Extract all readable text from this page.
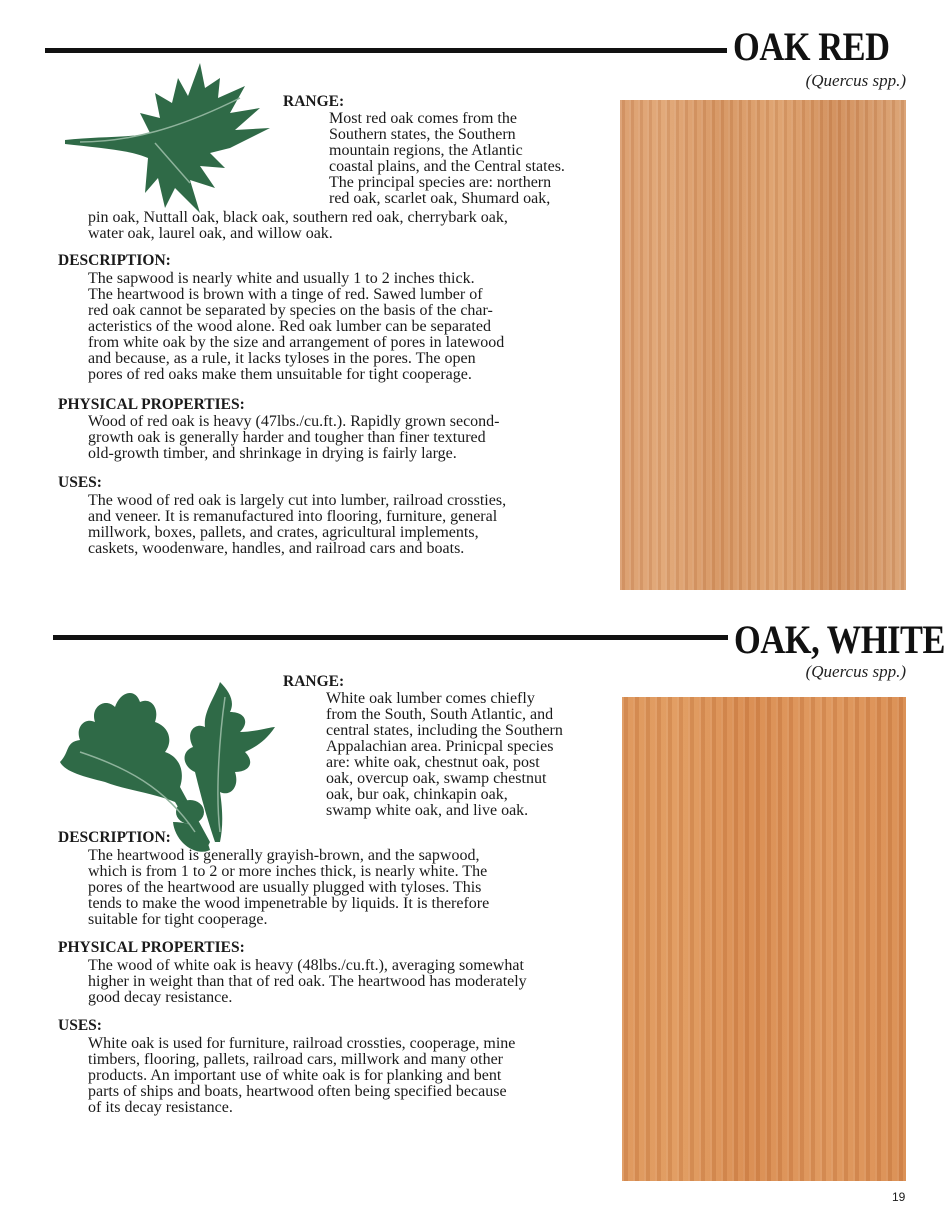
OAK RED
(Quercus spp.)
RANGE:
Most red oak comes from the
Southern states, the Southern
mountain regions, the Atlantic
coastal plains, and the Central states.
The principal species are: northern
red oak, scarlet oak, Shumard oak,
pin oak, Nuttall oak, black oak, southern red oak, cherrybark oak,
water oak, laurel oak, and willow oak.
DESCRIPTION:
The sapwood is nearly white and usually 1 to 2 inches thick.
The heartwood is brown with a tinge of red. Sawed lumber of
red oak cannot be separated by species on the basis of the char-
acteristics of the wood alone. Red oak lumber can be separated
from white oak by the size and arrangement of pores in latewood
and because, as a rule, it lacks tyloses in the pores. The open
pores of red oaks make them unsuitable for tight cooperage.
PHYSICAL PROPERTIES:
Wood of red oak is heavy (47lbs./cu.ft.). Rapidly grown second-
growth oak is generally harder and tougher than finer textured
old-growth timber, and shrinkage in drying is fairly large.
USES:
The wood of red oak is largely cut into lumber, railroad crossties,
and veneer. It is remanufactured into flooring, furniture, general
millwork, boxes, pallets, and crates, agricultural implements,
caskets, woodenware, handles, and railroad cars and boats.
OAK, WHITE
(Quercus spp.)
RANGE:
White oak lumber comes chiefly
from the South, South Atlantic, and
central states, including the Southern
Appalachian area. Prinicpal species
are: white oak, chestnut oak, post
oak, overcup oak, swamp chestnut
oak, bur oak, chinkapin oak,
swamp white oak, and live oak.
DESCRIPTION:
The heartwood is generally grayish-brown, and the sapwood,
which is from 1 to 2 or more inches thick, is nearly white. The
pores of the heartwood are usually plugged with tyloses. This
tends to make the wood impenetrable by liquids. It is therefore
suitable for tight cooperage.
PHYSICAL PROPERTIES:
The wood of white oak is heavy (48lbs./cu.ft.), averaging somewhat
higher in weight than that of red oak. The heartwood has moderately
good decay resistance.
USES:
White oak is used for furniture, railroad crossties, cooperage, mine
timbers, flooring, pallets, railroad cars, millwork and many other
products. An important use of white oak is for planking and bent
parts of ships and boats, heartwood often being specified because
of its decay resistance.
19
